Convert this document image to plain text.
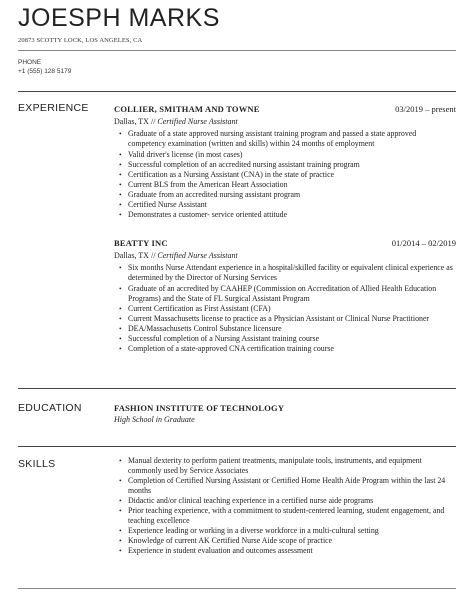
JOESPH MARKS
20873 SCOTTY LOCK, LOS ANGELES, CA
PHONE
+1 (555) 128 5179
EXPERIENCE	COLLIER, SMITHAM AND TOWNE	03/2019 – present
Dallas, TX // Certified Nurse Assistant
• Graduate of a state approved nursing assistant training program and passed a state approved competency examination (written and skills) within 24 months of employment
• Valid driver's license (in most cases)
• Successful completion of an accredited nursing assistant training program
• Certification as a Nursing Assistant (CNA) in the state of practice
• Current BLS from the American Heart Association
• Graduate from an accredited nursing assistant program
• Certified Nurse Assistant
• Demonstrates a customer- service oriented attitude
BEATTY INC	01/2014 – 02/2019
Dallas, TX // Certified Nurse Assistant
• Six months Nurse Attendant experience in a hospital/skilled facility or equivalent clinical experience as determined by the Director of Nursing Services
• Graduate of an accredited by CAAHEP (Commission on Accreditation of Allied Health Education Programs) and the State of FL Surgical Assistant Program
• Current Certification as First Assistant (CFA)
• Current Massachusetts license to practice as a Physician Assistant or Clinical Nurse Practitioner
• DEA/Massachusetts Control Substance licensure
• Successful completion of a Nursing Assistant training course
• Completion of a state-approved CNA certification training course
EDUCATION	FASHION INSTITUTE OF TECHNOLOGY
High School in Graduate
SKILLS
•	Manual dexterity to perform patient treatments, manipulate tools, instruments, and equipment commonly used by Service Associates
• Completion of Certified Nursing Assistant or Certified Home Health Aide Program within the last 24 months
• Didactic and/or clinical teaching experience in a certified nurse aide programs
• Prior teaching experience, with a commitment to student-centered learning, student engagement, and teaching excellence
• Experience leading or working in a diverse workforce in a multi-cultural setting
• Knowledge of current AK Certified Nurse Aide scope of practice
• Experience in student evaluation and outcomes assessment
